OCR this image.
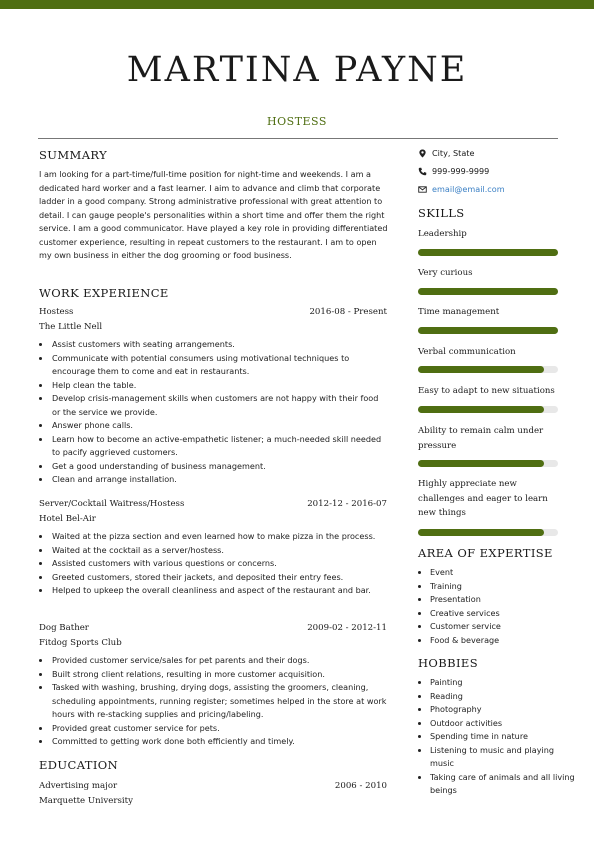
MARTINA PAYNE
HOSTESS
SUMMARY
I am looking for a part-time/full-time position for night-time and weekends. I am a dedicated hard worker and a fast learner. I aim to advance and climb that corporate ladder in a good company. Strong administrative professional with great attention to detail. I can gauge people's personalities within a short time and offer them the right service. I am a good communicator. Have played a key role in providing differentiated customer experience, resulting in repeat customers to the restaurant. I am to open my own business in either the dog grooming or food business.
WORK EXPERIENCE
Hostess	2016-08 - Present
The Little Nell
• Assist customers with seating arrangements.
• Communicate with potential consumers using motivational techniques to encourage them to come and eat in restaurants.
• Help clean the table.
• Develop crisis-management skills when customers are not happy with their food or the service we provide.
• Answer phone calls.
• Learn how to become an active-empathetic listener; a much-needed skill needed to pacify aggrieved customers.
• Get a good understanding of business management.
• Clean and arrange installation.
Server/Cocktail Waitress/Hostess	2012-12 - 2016-07
Hotel Bel-Air
• Waited at the pizza section and even learned how to make pizza in the process.
• Waited at the cocktail as a server/hostess.
• Assisted customers with various questions or concerns.
• Greeted customers, stored their jackets, and deposited their entry fees.
• Helped to upkeep the overall cleanliness and aspect of the restaurant and bar.
Dog Bather	2009-02 - 2012-11
Fitdog Sports Club
• Provided customer service/sales for pet parents and their dogs.
• Built strong client relations, resulting in more customer acquisition.
• Tasked with washing, brushing, drying dogs, assisting the groomers, cleaning, scheduling appointments, running register; sometimes helped in the store at work hours with re-stacking supplies and pricing/labeling.
• Provided great customer service for pets.
• Committed to getting work done both efficiently and timely.
EDUCATION
Advertising major	2006 - 2010
Marquette University
City, State
999-999-9999
email@email.com
SKILLS
Leadership
Very curious
Time management
Verbal communication
Easy to adapt to new situations
Ability to remain calm under pressure
Highly appreciate new challenges and eager to learn new things
AREA OF EXPERTISE
• Event
• Training
• Presentation
• Creative services
• Customer service
• Food & beverage
HOBBIES
• Painting
• Reading
• Photography
• Outdoor activities
• Spending time in nature
• Listening to music and playing music
• Taking care of animals and all living beings
